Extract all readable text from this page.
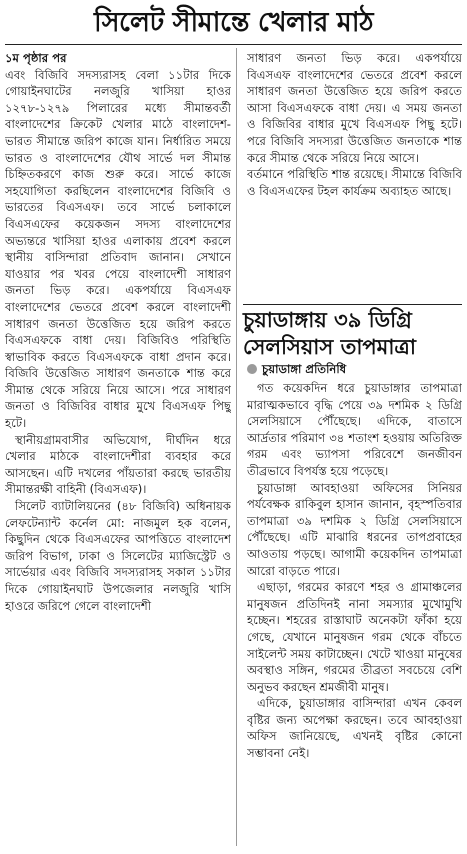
সিলেট সীমান্তে খেলার মাঠ

১ম পৃষ্ঠার পর

এবং বিজিবি সদস্যরাসহ বেলা ১১টার দিকে গোয়াইনঘাটের নলজুরি খাসিয়া হাওর ১২৭৮-১২৭৯ পিলারের মধ্যে সীমান্তবর্তী বাংলাদেশের ক্রিকেট খেলার মাঠে বাংলাদেশ-ভারত সীমান্তে জরিপ কাজে যান। নির্ধারিত সময়ে ভারত ও বাংলাদেশের যৌথ সার্ভে দল সীমান্ত চিহ্নিতকরণে কাজ শুরু করে। সার্ভে কাজে সহযোগিতা করছিলেন বাংলাদেশের বিজিবি ও ভারতের বিএসএফ। তবে সার্ভে চলাকালে বিএসএফের কয়েকজন সদস্য বাংলাদেশের অভ্যন্তরে খাসিয়া হাওর এলাকায় প্রবেশ করলে স্থানীয় বাসিন্দারা প্রতিবাদ জানান। সেখানে যাওয়ার পর খবর পেয়ে বাংলাদেশী সাধারণ জনতা ভিড় করে। একপর্যায়ে বিএসএফ বাংলাদেশের ভেতরে প্রবেশ করলে বাংলাদেশী সাধারণ জনতা উত্তেজিত হয়ে জরিপ করতে বিএসএফকে বাধা দেয়। বিজিবিও পরিস্থিতি স্বাভাবিক করতে বিএসএফকে বাধা প্রদান করে। বিজিবি উত্তেজিত সাধারণ জনতাকে শান্ত করে সীমান্ত থেকে সরিয়ে নিয়ে আসে। পরে সাধারণ জনতা ও বিজিবির বাধার মুখে বিএসএফ পিছু হটে।

স্থানীয়গ্রামবাসীর অভিযোগ, দীর্ঘদিন ধরে খেলার মাঠকে বাংলাদেশীরা ব্যবহার করে আসছেন। এটি দখলের পাঁয়তারা করছে ভারতীয় সীমান্তরক্ষী বাহিনী (বিএসএফ)।

সিলেট ব্যাটালিয়নের (৪৮ বিজিবি) অধিনায়ক লেফটেন্যান্ট কর্নেল মো: নাজমুল হক বলেন, কিছুদিন থেকে বিএসএফের আপত্তিতে বাংলাদেশ জরিপ বিভাগ, ঢাকা ও সিলেটের ম্যাজিস্ট্রেট ও সার্ভেয়ার এবং বিজিবি সদস্যরাসহ সকাল ১১টার দিকে গোয়াইনঘাট উপজেলার নলজুরি খাসি হাওরে জরিপে গেলে বাংলাদেশী

সাধারণ জনতা ভিড় করে। একপর্যায়ে বিএসএফ বাংলাদেশের ভেতরে প্রবেশ করলে সাধারণ জনতা উত্তেজিত হয়ে জরিপ করতে আসা বিএসএফকে বাধা দেয়। এ সময় জনতা ও বিজিবির বাধার মুখে বিএসএফ পিছু হটে। পরে বিজিবি সদস্যরা উত্তেজিত জনতাকে শান্ত করে সীমান্ত থেকে সরিয়ে নিয়ে আসে।

বর্তমানে পরিস্থিতি শান্ত রয়েছে। সীমান্তে বিজিবি ও বিএসএফের টহল কার্যক্রম অব্যাহত আছে।

চুয়াডাঙ্গায় ৩৯ ডিগ্রি সেলসিয়াস তাপমাত্রা
চুয়াডাঙ্গা প্রতিনিধি

গত কয়েকদিন ধরে চুয়াডাঙ্গার তাপমাত্রা মারাত্মকভাবে বৃদ্ধি পেয়ে ৩৯ দশমিক ২ ডিগ্রি সেলসিয়াসে পৌঁছেছে। এদিকে, বাতাসে আর্দ্রতার পরিমাণ ৩৪ শতাংশ হওয়ায় অতিরিক্ত গরম এবং ভ্যাপসা পরিবেশে জনজীবন তীব্রভাবে বিপর্যস্ত হয়ে পড়েছে।

চুয়াডাঙ্গা আবহাওয়া অফিসের সিনিয়র পর্যবেক্ষক রাকিবুল হাসান জানান, বৃহস্পতিবার তাপমাত্রা ৩৯ দশমিক ২ ডিগ্রি সেলসিয়াসে পৌঁছেছে। এটি মাঝারি ধরনের তাপপ্রবাহের আওতায় পড়ছে। আগামী কয়েকদিন তাপমাত্রা আরো বাড়তে পারে।

এছাড়া, গরমের কারণে শহর ও গ্রামাঞ্চলের মানুষজন প্রতিদিনই নানা সমস্যার মুখোমুখি হচ্ছেন। শহরের রাস্তাঘাট অনেকটা ফাঁকা হয়ে গেছে, যেখানে মানুষজন গরম থেকে বাঁচতে সাইলেন্ট সময় কাটাচ্ছেন। খেটে খাওয়া মানুষের অবস্থাও সঙ্গিন, গরমের তীব্রতা সবচেয়ে বেশি অনুভব করছেন শ্রমজীবী মানুষ।

এদিকে, চুয়াডাঙ্গার বাসিন্দারা এখন কেবল বৃষ্টির জন্য অপেক্ষা করছেন। তবে আবহাওয়া অফিস জানিয়েছে, এখনই বৃষ্টির কোনো সম্ভাবনা নেই।
